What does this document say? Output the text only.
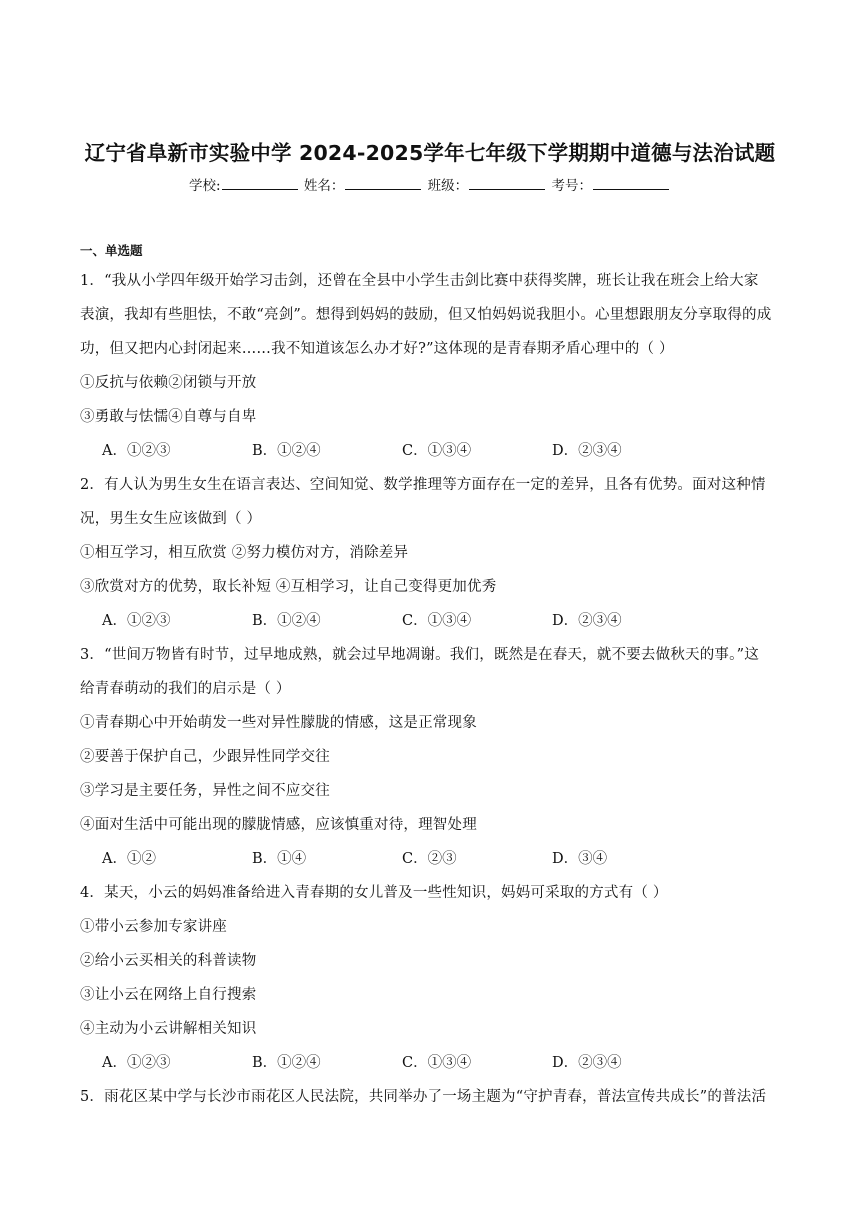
辽宁省阜新市实验中学 2024-2025学年七年级下学期期中道德与法治试题
学校:	姓名：	班级：	考号：
一、单选题
1．“我从小学四年级开始学习击剑，还曾在全县中小学生击剑比赛中获得奖牌，班长让我在班会上给大家
表演，我却有些胆怯，不敢“亮剑”。想得到妈妈的鼓励，但又怕妈妈说我胆小。心里想跟朋友分享取得的成
功，但又把内心封闭起来……我不知道该怎么办才好?”这体现的是青春期矛盾心理中的（ ）
①反抗与依赖②闭锁与开放
③勇敢与怯懦④自尊与自卑
A．①②③	B．①②④	C．①③④	D．②③④
2．有人认为男生女生在语言表达、空间知觉、数学推理等方面存在一定的差异，且各有优势。面对这种情
况，男生女生应该做到（ ）
①相互学习，相互欣赏 ②努力模仿对方，消除差异
③欣赏对方的优势，取长补短 ④互相学习，让自己变得更加优秀
A．①②③	B．①②④	C．①③④	D．②③④
3．“世间万物皆有时节，过早地成熟，就会过早地凋谢。我们，既然是在春天，就不要去做秋天的事。”这
给青春萌动的我们的启示是（ ）
①青春期心中开始萌发一些对异性朦胧的情感，这是正常现象
②要善于保护自己，少跟异性同学交往
③学习是主要任务，异性之间不应交往
④面对生活中可能出现的朦胧情感，应该慎重对待，理智处理
A．①②	B．①④	C．②③	D．③④
4．某天，小云的妈妈准备给进入青春期的女儿普及一些性知识，妈妈可采取的方式有（ ）
①带小云参加专家讲座
②给小云买相关的科普读物
③让小云在网络上自行搜索
④主动为小云讲解相关知识
A．①②③	B．①②④	C．①③④	D．②③④
5．雨花区某中学与长沙市雨花区人民法院，共同举办了一场主题为“守护青春，普法宣传共成长”的普法活
